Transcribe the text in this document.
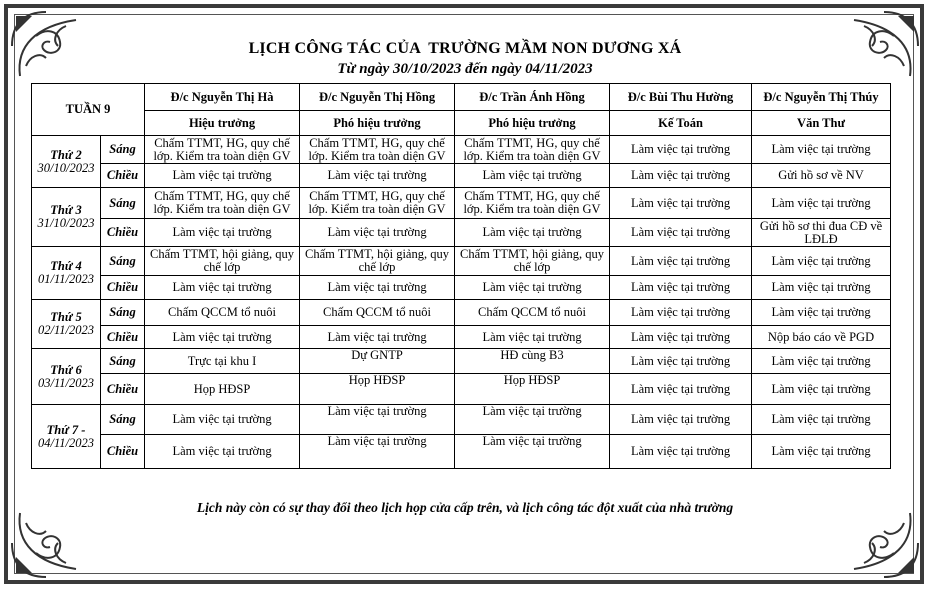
LỊCH CÔNG TÁC CỦA  TRƯỜNG MẦM NON DƯƠNG XÁ
Từ ngày 30/10/2023 đến ngày 04/11/2023
TUẦN 9		Đ/c Nguyễn Thị Hà	Đ/c Nguyễn Thị Hồng	Đ/c Trần Ánh Hồng	Đ/c Bùi Thu Hường	Đ/c Nguyễn Thị Thúy
		Hiệu trưởng	Phó hiệu trưởng	Phó hiệu trưởng	Kế Toán	Văn Thư

Thứ 2
30/10/2023	Sáng	Chấm TTMT, HG, quy chế lớp. Kiểm tra toàn diện GV	Chấm TTMT, HG, quy chế lớp. Kiểm tra toàn diện GV	Chấm TTMT, HG, quy chế lớp. Kiểm tra toàn diện GV	Làm việc tại trường	Làm việc tại trường
	Chiều	Làm việc tại trường	Làm việc tại trường	Làm việc tại trường	Làm việc tại trường	Gửi hồ sơ về NV

Thứ 3
31/10/2023	Sáng	Chấm TTMT, HG, quy chế lớp. Kiểm tra toàn diện GV	Chấm TTMT, HG, quy chế lớp. Kiểm tra toàn diện GV	Chấm TTMT, HG, quy chế lớp. Kiểm tra toàn diện GV	Làm việc tại trường	Làm việc tại trường
	Chiều	Làm việc tại trường	Làm việc tại trường	Làm việc tại trường	Làm việc tại trường	Gửi hồ sơ thi đua CĐ về LĐLĐ

Thứ 4
01/11/2023	Sáng	Chấm TTMT, hội giảng, quy chế lớp	Chấm TTMT, hội giảng, quy chế lớp	Chấm TTMT, hội giảng, quy chế lớp	Làm việc tại trường	Làm việc tại trường
	Chiều	Làm việc tại trường	Làm việc tại trường	Làm việc tại trường	Làm việc tại trường	Làm việc tại trường

Thứ 5
02/11/2023	Sáng	Chấm QCCM tổ nuôi	Chấm QCCM tổ nuôi	Chấm QCCM tổ nuôi	Làm việc tại trường	Làm việc tại trường
	Chiều	Làm việc tại trường	Làm việc tại trường	Làm việc tại trường	Làm việc tại trường	Nộp báo cáo về PGD

Thứ 6
03/11/2023	Sáng	Trực tại khu I	Dự GNTP	HĐ cùng B3	Làm việc tại trường	Làm việc tại trường
	Chiều	Họp HĐSP	Họp HĐSP	Họp HĐSP	Làm việc tại trường	Làm việc tại trường

Thứ 7 -
04/11/2023	Sáng	Làm việc tại trường	Làm việc tại trường	Làm việc tại trường	Làm việc tại trường	Làm việc tại trường
	Chiều	Làm việc tại trường	Làm việc tại trường	Làm việc tại trường	Làm việc tại trường	Làm việc tại trường
Lịch này còn có sự thay đổi theo lịch họp cửa cấp trên, và lịch công tác đột xuất của nhà trường
